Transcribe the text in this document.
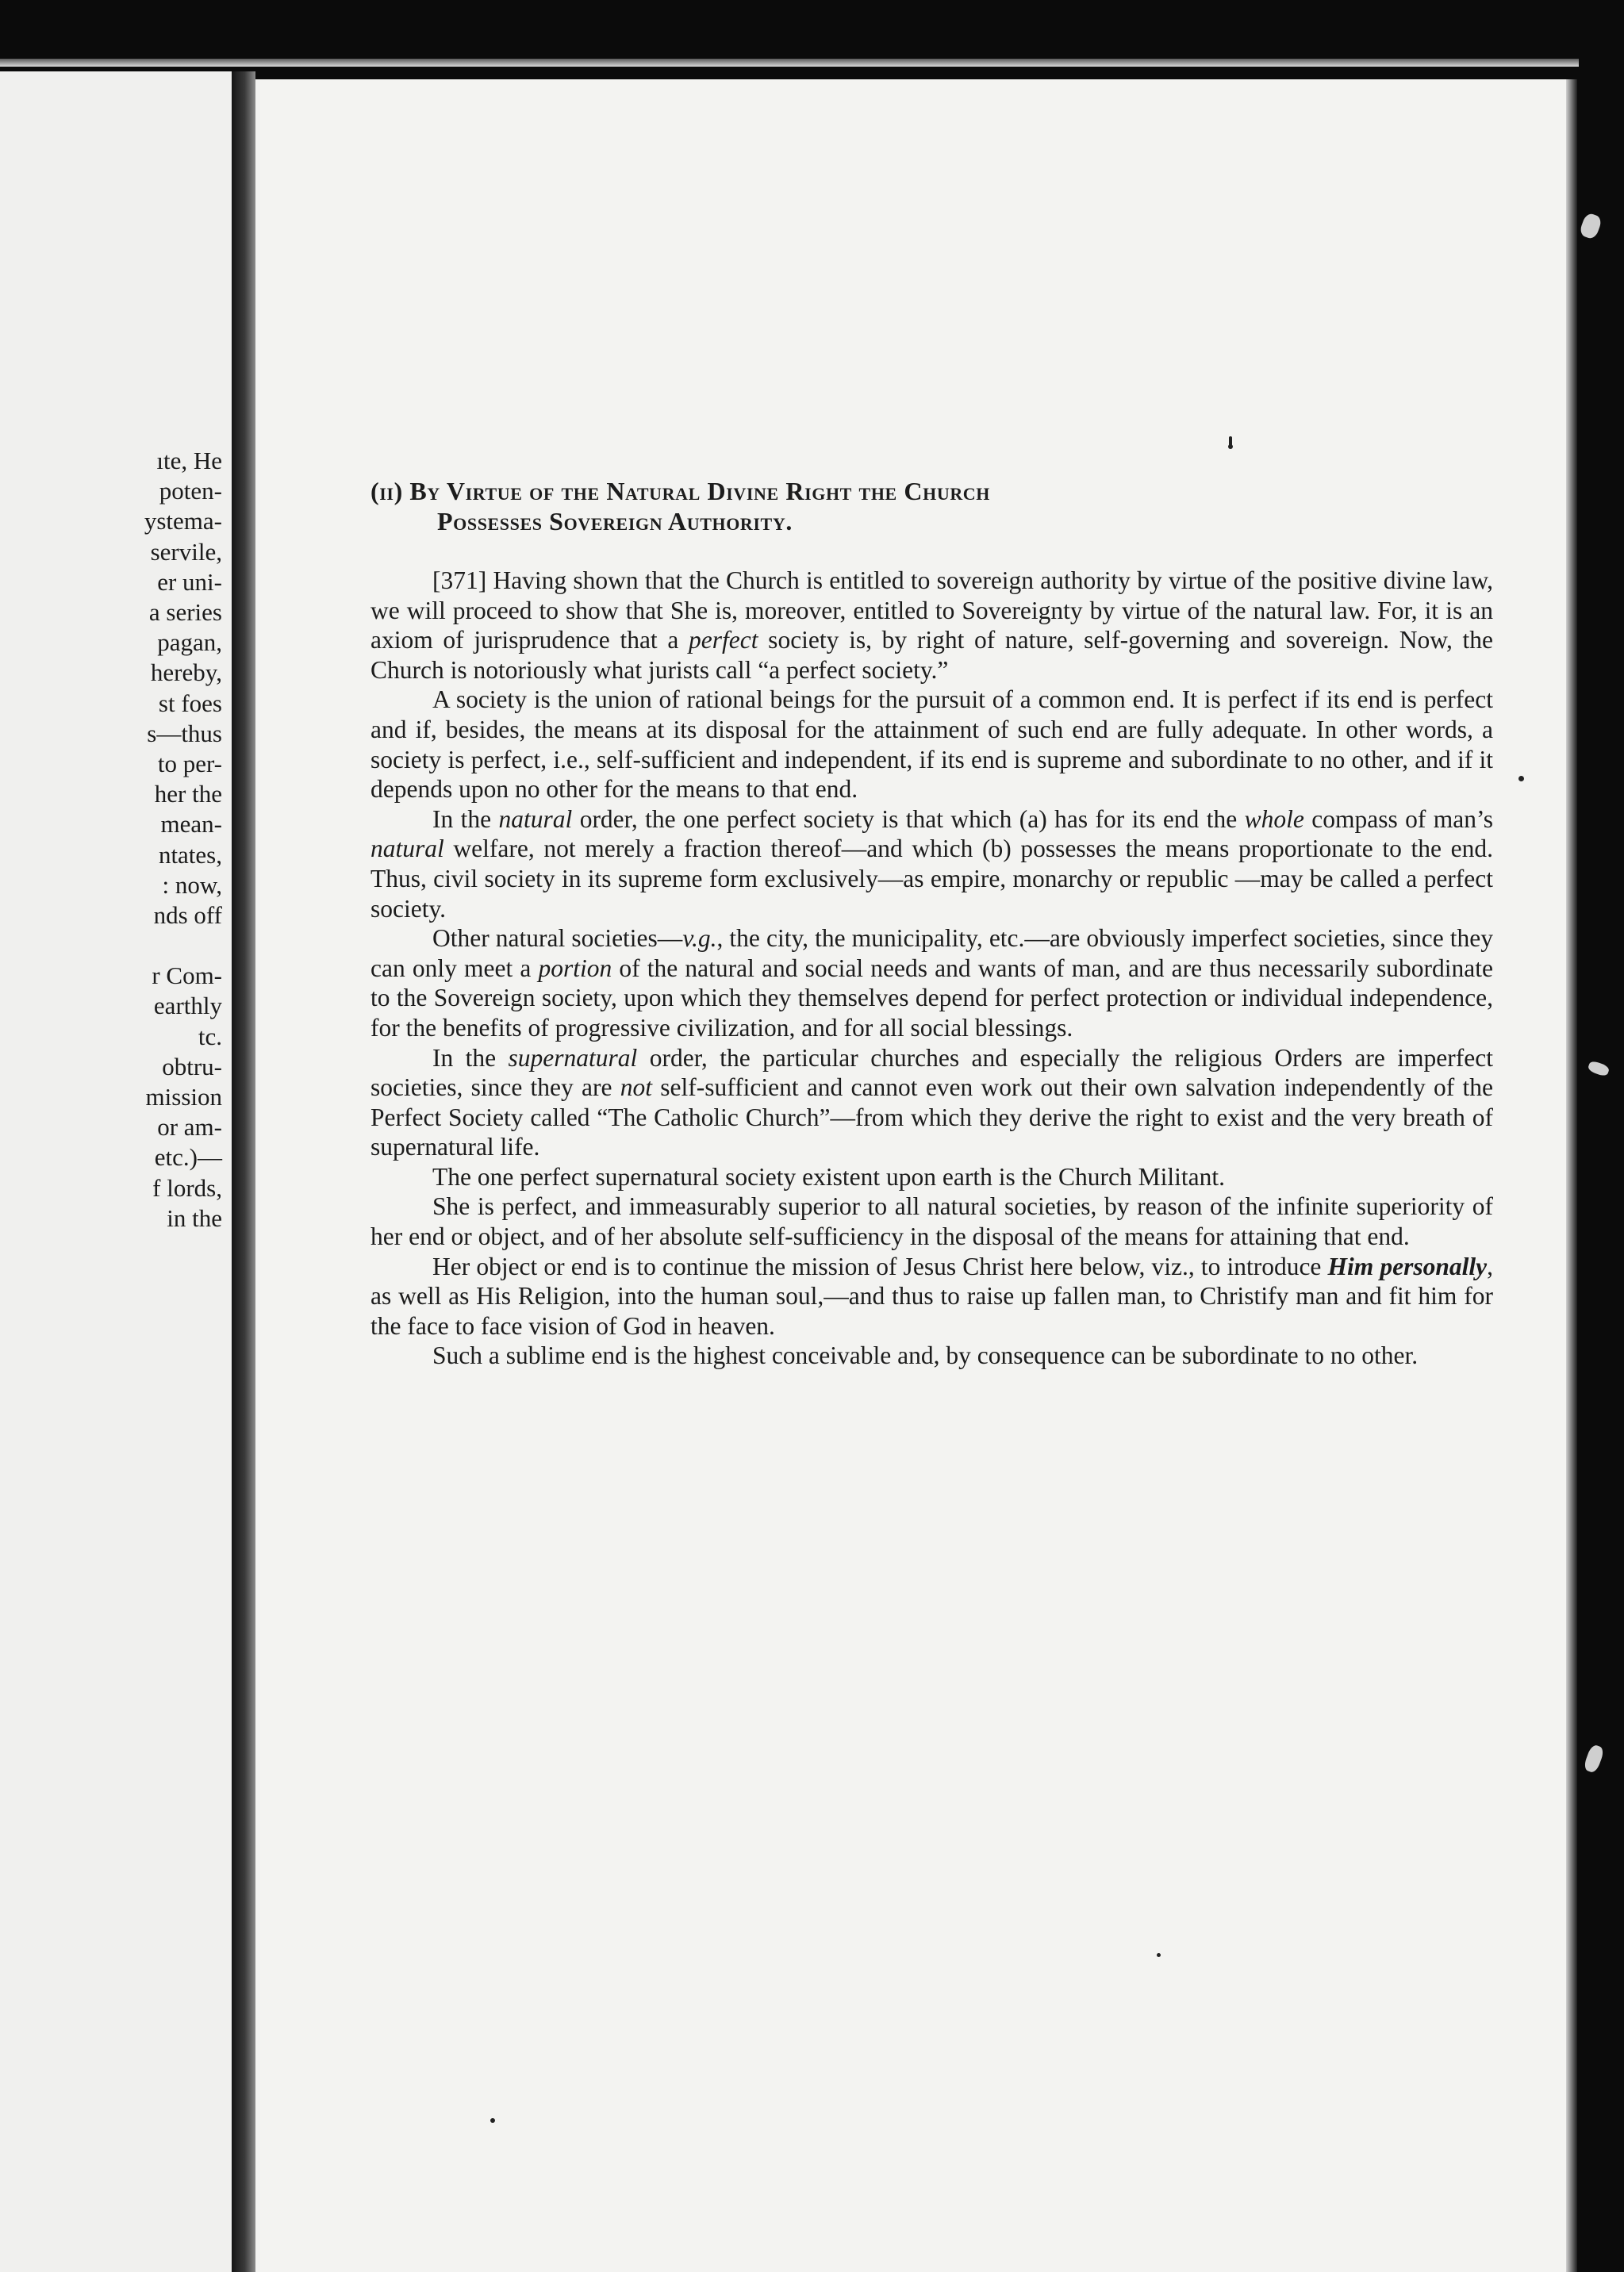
ıte, He
poten-
ystema-
servile,
er uni-
a series
pagan,
hereby,
st foes
s—thus
to per-
her the
mean-
ntates,
: now,
nds off
r Com-
earthly
tc.
obtru-
mission
or am-
etc.)—
f lords,
in the
(ii) By Virtue of the Natural Divine Right the Church
Possesses Sovereign Authority.

[371] Having shown that the Church is entitled to sovereign authority by virtue of the positive divine law, we will proceed to show that She is, moreover, entitled to Sovereignty by virtue of the natural law. For, it is an axiom of jurisprudence that a perfect society is, by right of nature, self-governing and sovereign. Now, the Church is notoriously what jurists call “a perfect society.”

A society is the union of rational beings for the pursuit of a common end. It is perfect if its end is perfect and if, besides, the means at its disposal for the attainment of such end are fully adequate. In other words, a society is perfect, i.e., self-sufficient and independent, if its end is supreme and subordinate to no other, and if it depends upon no other for the means to that end.

In the natural order, the one perfect society is that which (a) has for its end the whole compass of man’s natural welfare, not merely a fraction thereof—and which (b) possesses the means proportionate to the end. Thus, civil society in its supreme form exclusively—as empire, monarchy or republic —may be called a perfect society.

Other natural societies—v.g., the city, the municipality, etc.—are obviously imperfect societies, since they can only meet a portion of the natural and social needs and wants of man, and are thus necessarily subordinate to the Sovereign society, upon which they themselves depend for perfect protection or individual independence, for the benefits of progressive civilization, and for all social blessings.

In the supernatural order, the particular churches and especially the religious Orders are imperfect societies, since they are not self-sufficient and cannot even work out their own salvation independently of the Perfect Society called “The Catholic Church”—from which they derive the right to exist and the very breath of supernatural life.

The one perfect supernatural society existent upon earth is the Church Militant.

She is perfect, and immeasurably superior to all natural societies, by reason of the infinite superiority of her end or object, and of her absolute self-sufficiency in the disposal of the means for attaining that end.

Her object or end is to continue the mission of Jesus Christ here below, viz., to introduce Him personally, as well as His Religion, into the human soul,—and thus to raise up fallen man, to Christify man and fit him for the face to face vision of God in heaven.

Such a sublime end is the highest conceivable and, by consequence can be subordinate to no other.
